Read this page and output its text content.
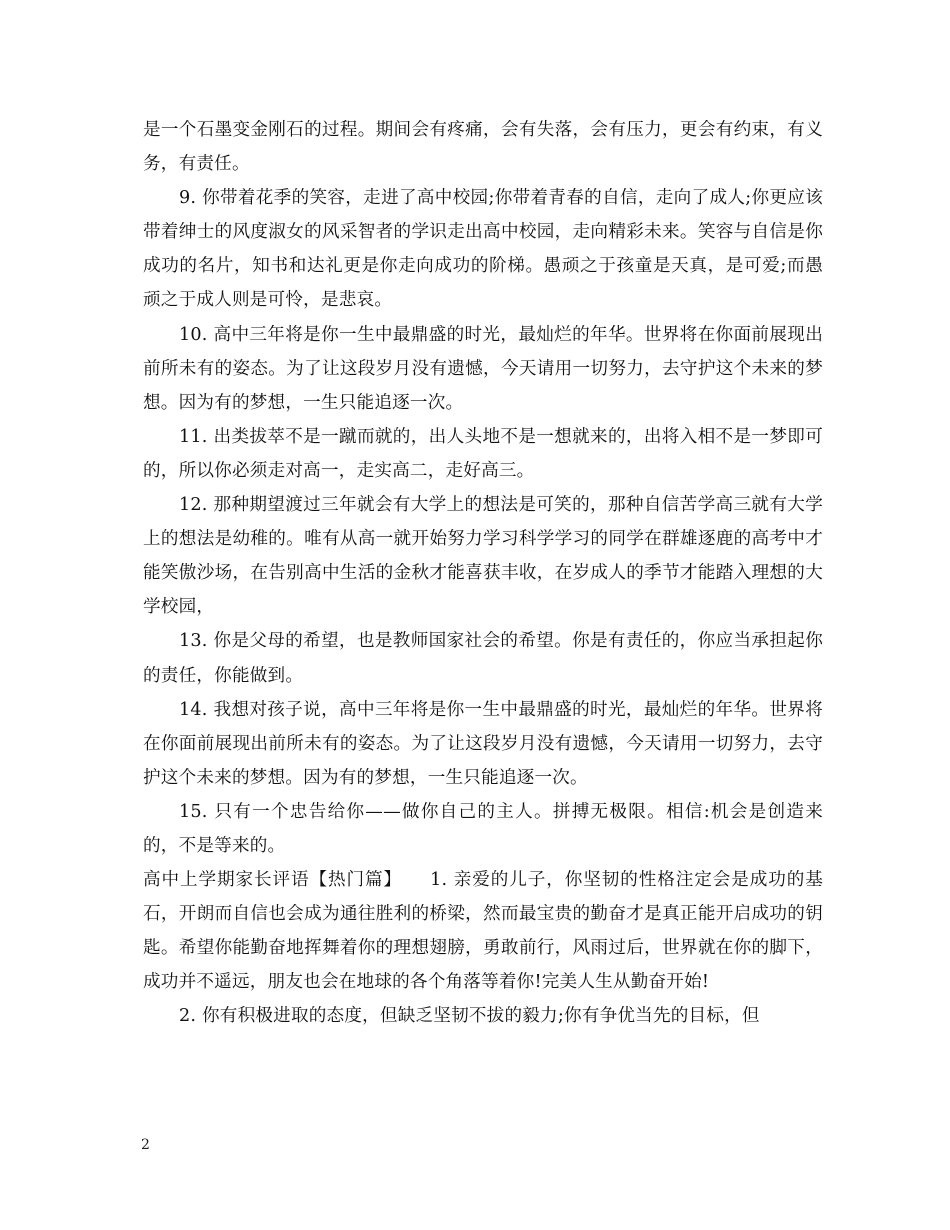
是一个石墨变金刚石的过程。期间会有疼痛，会有失落，会有压力，更会有约束，有义务，有责任。

9. 你带着花季的笑容，走进了高中校园;你带着青春的自信，走向了成人;你更应该带着绅士的风度淑女的风采智者的学识走出高中校园，走向精彩未来。笑容与自信是你成功的名片，知书和达礼更是你走向成功的阶梯。愚顽之于孩童是天真，是可爱;而愚顽之于成人则是可怜，是悲哀。

10. 高中三年将是你一生中最鼎盛的时光，最灿烂的年华。世界将在你面前展现出前所未有的姿态。为了让这段岁月没有遗憾，今天请用一切努力，去守护这个未来的梦想。因为有的梦想，一生只能追逐一次。

11. 出类拔萃不是一蹴而就的，出人头地不是一想就来的，出将入相不是一梦即可的，所以你必须走对高一，走实高二，走好高三。

12. 那种期望渡过三年就会有大学上的想法是可笑的，那种自信苦学高三就有大学上的想法是幼稚的。唯有从高一就开始努力学习科学学习的同学在群雄逐鹿的高考中才能笑傲沙场，在告别高中生活的金秋才能喜获丰收，在岁成人的季节才能踏入理想的大学校园，

13. 你是父母的希望，也是教师国家社会的希望。你是有责任的，你应当承担起你的责任，你能做到。

14. 我想对孩子说，高中三年将是你一生中最鼎盛的时光，最灿烂的年华。世界将在你面前展现出前所未有的姿态。为了让这段岁月没有遗憾，今天请用一切努力，去守护这个未来的梦想。因为有的梦想，一生只能追逐一次。

15. 只有一个忠告给你——做你自己的主人。拼搏无极限。相信:机会是创造来的，不是等来的。

高中上学期家长评语【热门篇】　　1. 亲爱的儿子，你坚韧的性格注定会是成功的基石，开朗而自信也会成为通往胜利的桥梁，然而最宝贵的勤奋才是真正能开启成功的钥匙。希望你能勤奋地挥舞着你的理想翅膀，勇敢前行，风雨过后，世界就在你的脚下，成功并不遥远，朋友也会在地球的各个角落等着你!完美人生从勤奋开始!

2. 你有积极进取的态度，但缺乏坚韧不拔的毅力;你有争优当先的目标，但

2
